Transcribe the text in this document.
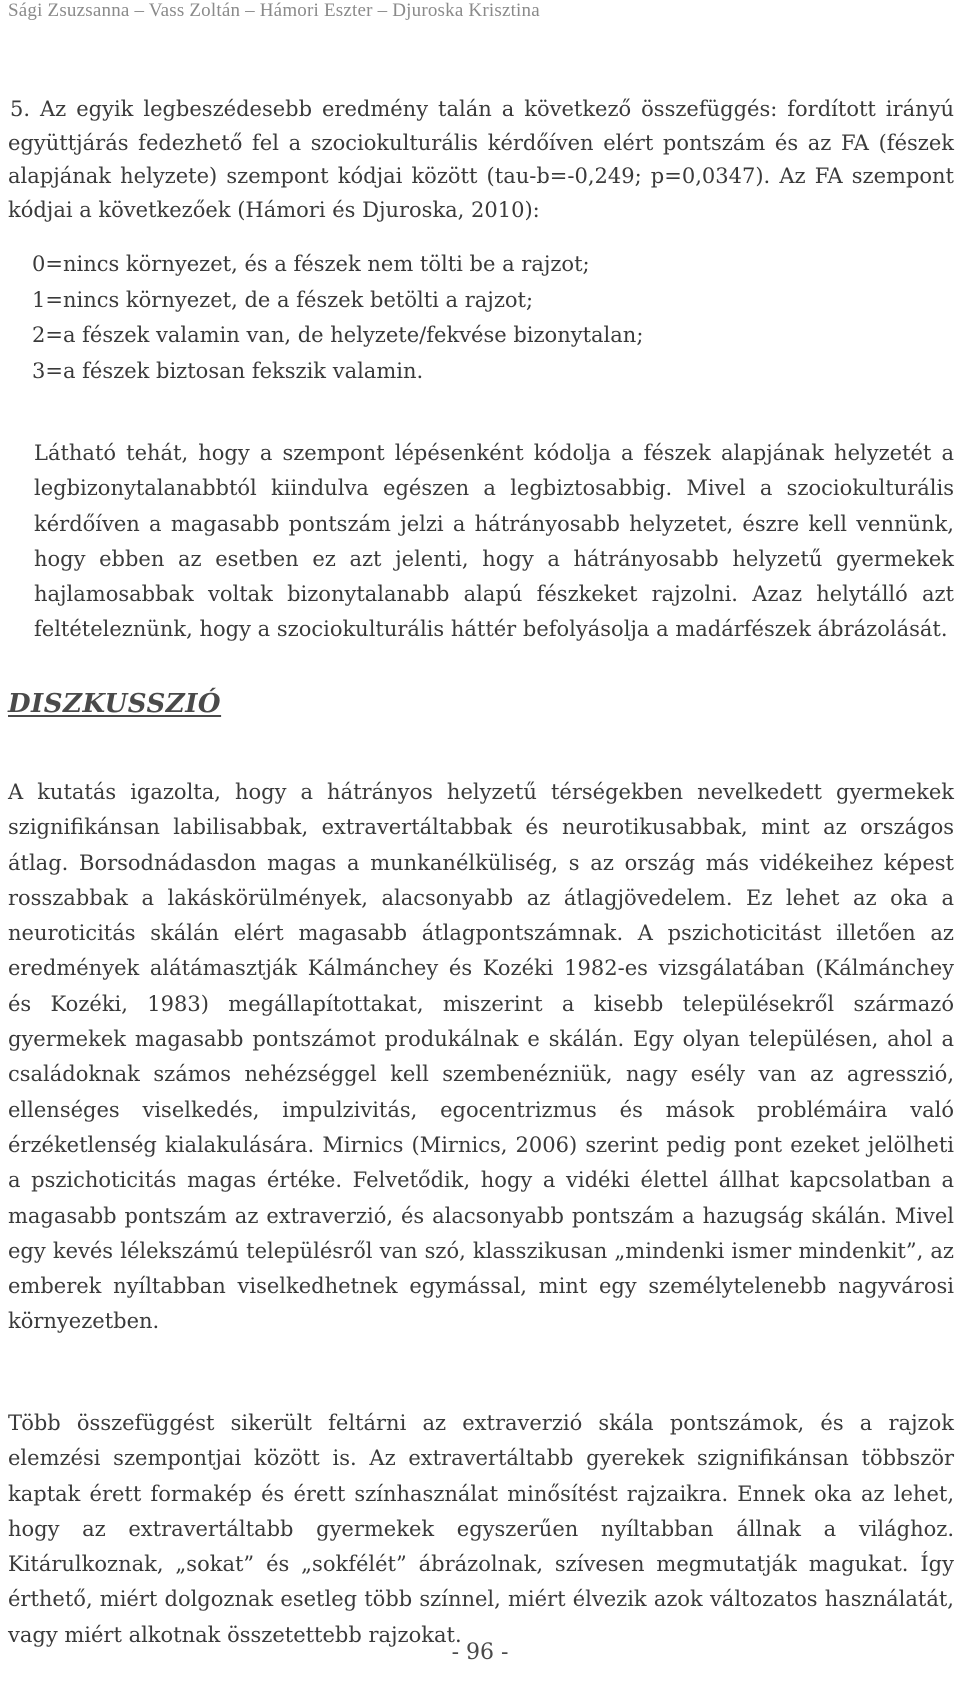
Sági Zsuzsanna – Vass Zoltán – Hámori Eszter – Djuroska Krisztina

5. Az egyik legbeszédesebb eredmény talán a következő összefüggés: fordított irányú együttjárás fedezhető fel a szociokulturális kérdőíven elért pontszám és az FA (fészek alapjának helyzete) szempont kódjai között (tau-b=-0,249; p=0,0347). Az FA szempont kódjai a következőek (Hámori és Djuroska, 2010):

0=nincs környezet, és a fészek nem tölti be a rajzot;
1=nincs környezet, de a fészek betölti a rajzot;
2=a fészek valamin van, de helyzete/fekvése bizonytalan;
3=a fészek biztosan fekszik valamin.

Látható tehát, hogy a szempont lépésenként kódolja a fészek alapjának helyzetét a legbizonytalanabbtól kiindulva egészen a legbiztosabbig. Mivel a szociokulturális kérdőíven a magasabb pontszám jelzi a hátrányosabb helyzetet, észre kell vennünk, hogy ebben az esetben ez azt jelenti, hogy a hátrányosabb helyzetű gyermekek hajlamosabbak voltak bizonytalanabb alapú fészkeket rajzolni. Azaz helytálló azt feltételeznünk, hogy a szociokulturális háttér befolyásolja a madárfészek ábrázolását.

DISZKUSSZIÓ

A kutatás igazolta, hogy a hátrányos helyzetű térségekben nevelkedett gyermekek szignifikánsan labilisabbak, extravertáltabbak és neurotikusabbak, mint az országos átlag. Borsodnádasdon magas a munkanélküliség, s az ország más vidékeihez képest rosszabbak a lakáskörülmények, alacsonyabb az átlagjövedelem. Ez lehet az oka a neuroticitás skálán elért magasabb átlagpontszámnak. A pszichoticitást illetően az eredmények alátámasztják Kálmánchey és Kozéki 1982-es vizsgálatában (Kálmánchey és Kozéki, 1983) megállapítottakat, miszerint a kisebb településekről származó gyermekek magasabb pontszámot produkálnak e skálán. Egy olyan településen, ahol a családoknak számos nehézséggel kell szembenézniük, nagy esély van az agresszió, ellenséges viselkedés, impulzivitás, egocentrizmus és mások problémáira való érzéketlenség kialakulására. Mirnics (Mirnics, 2006) szerint pedig pont ezeket jelölheti a pszichoticitás magas értéke. Felvetődik, hogy a vidéki élettel állhat kapcsolatban a magasabb pontszám az extraverzió, és alacsonyabb pontszám a hazugság skálán. Mivel egy kevés lélekszámú településről van szó, klasszikusan „mindenki ismer mindenkit”, az emberek nyíltabban viselkedhetnek egymással, mint egy személytelenebb nagyvárosi környezetben.

Több összefüggést sikerült feltárni az extraverzió skála pontszámok, és a rajzok elemzési szempontjai között is. Az extravertáltabb gyerekek szignifikánsan többször kaptak érett formakép és érett színhasználat minősítést rajzaikra. Ennek oka az lehet, hogy az extravertáltabb gyermekek egyszerűen nyíltabban állnak a világhoz. Kitárulkoznak, „sokat” és „sokfélét” ábrázolnak, szívesen megmutatják magukat. Így érthető, miért dolgoznak esetleg több színnel, miért élvezik azok változatos használatát, vagy miért alkotnak összetettebb rajzokat.

- 96 -
